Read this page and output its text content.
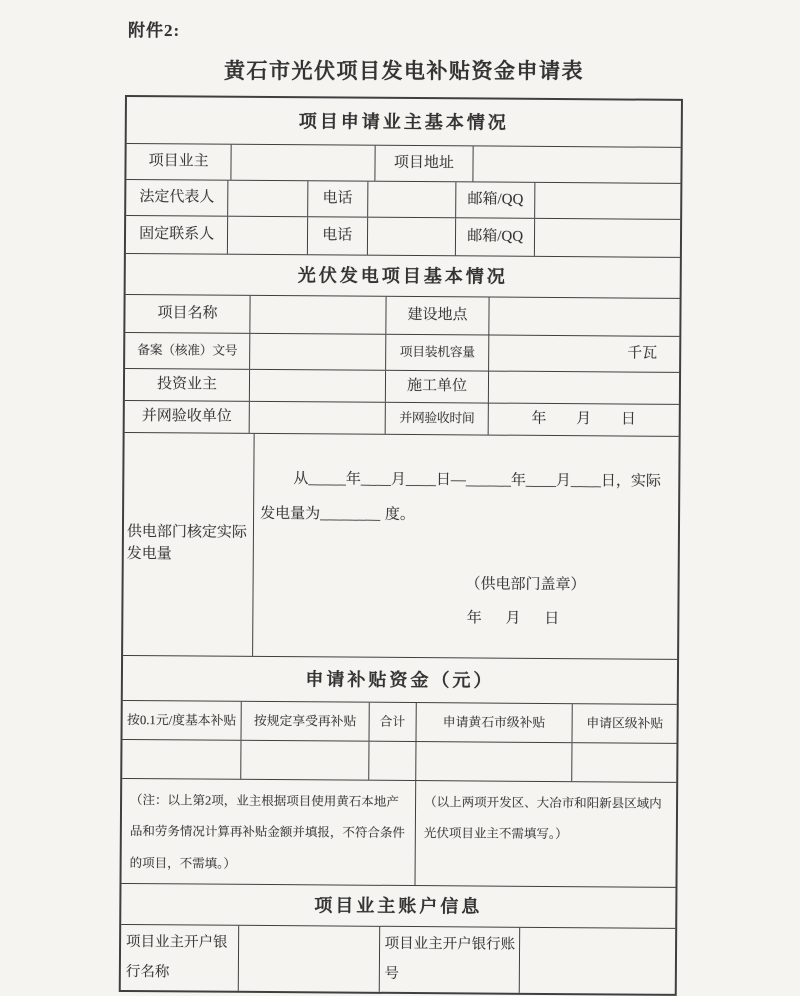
附件2:
黄石市光伏项目发电补贴资金申请表
项目申请业主基本情况
项目业主	项目地址
法定代表人	电话	邮箱/QQ
固定联系人	电话	邮箱/QQ
光伏发电项目基本情况
项目名称	建设地点
备案（核准）文号	项目装机容量	千瓦
投资业主	施工单位
并网验收单位	并网验收时间	年 月 日
供电部门核定实际发电量

从_____年____月____日—______年____月____日，实际发电量为________ 度。

（供电部门盖章）
年 月 日
申请补贴资金（元）
按0.1元/度基本补贴	按规定享受再补贴	合计	申请黄石市级补贴	申请区级补贴
（注：以上第2项，业主根据项目使用黄石本地产品和劳务情况计算再补贴金额并填报，不符合条件的项目，不需填。）
（以上两项开发区、大冶市和阳新县区域内光伏项目业主不需填写。）
项目业主账户信息
项目业主开户银行名称
项目业主开户银行账号
